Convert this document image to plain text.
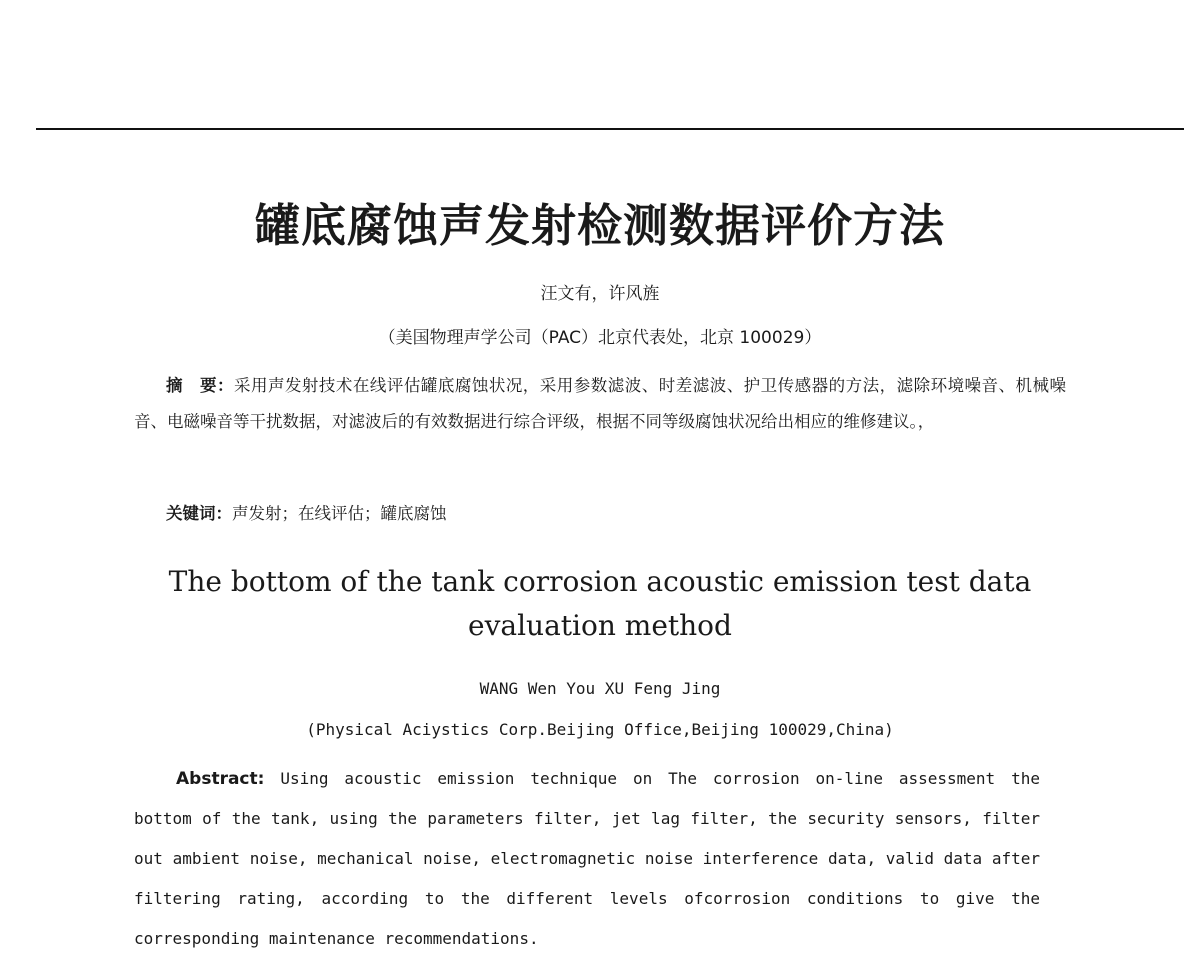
罐底腐蚀声发射检测数据评价方法
汪文有，许风旌
（美国物理声学公司（PAC）北京代表处，北京 100029）
摘　要：采用声发射技术在线评估罐底腐蚀状况，采用参数滤波、时差滤波、护卫传感器的方法，滤除环境噪音、机械噪音、电磁噪音等干扰数据，对滤波后的有效数据进行综合评级，根据不同等级腐蚀状况给出相应的维修建议。，
关键词：声发射；在线评估；罐底腐蚀
The bottom of the tank corrosion acoustic emission test data
evaluation method
WANG Wen You XU Feng Jing
(Physical Aciystics Corp.Beijing Office,Beijing 100029,China)
Abstract: Using acoustic emission technique on The corrosion on-line assessment the bottom of the tank, using the parameters filter, jet lag filter, the security sensors, filter out ambient noise, mechanical noise, electromagnetic noise interference data, valid data after filtering rating, according to the different levels ofcorrosion conditions to give the corresponding maintenance recommendations.
